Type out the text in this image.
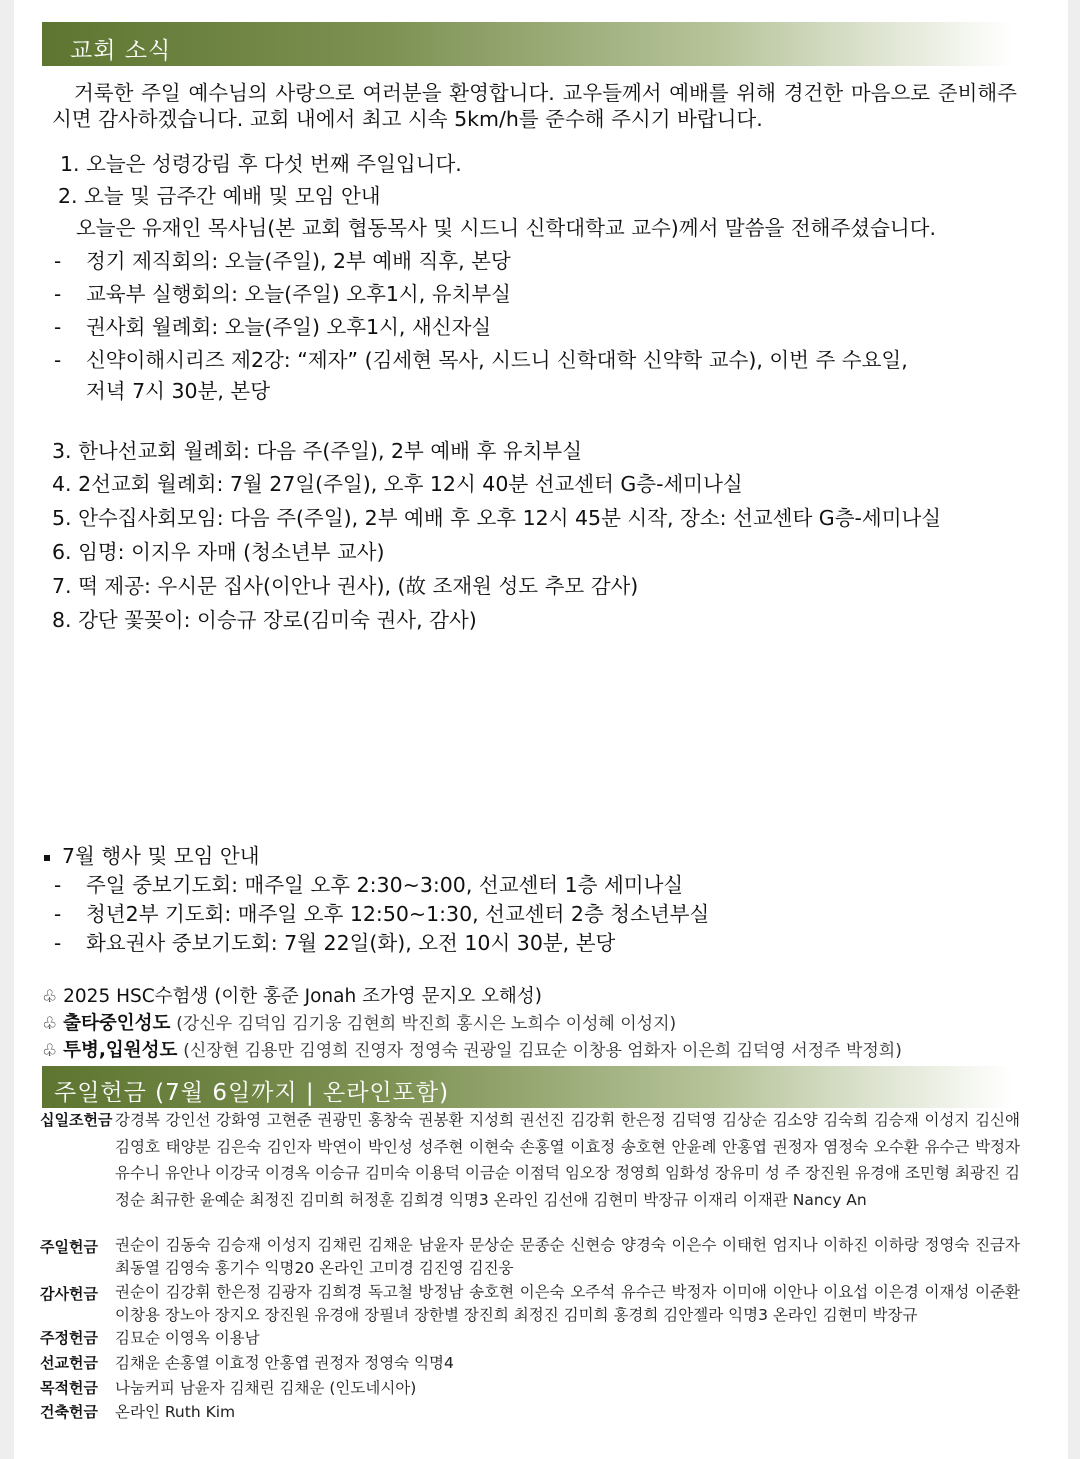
교회 소식
거룩한 주일 예수님의 사랑으로 여러분을 환영합니다. 교우들께서 예배를 위해 경건한 마음으로 준비해주시면 감사하겠습니다. 교회 내에서 최고 시속 5km/h를 준수해 주시기 바랍니다.
1. 오늘은 성령강림 후 다섯 번째 주일입니다.
2. 오늘 및 금주간 예배 및 모임 안내
오늘은 유재인 목사님(본 교회 협동목사 및 시드니 신학대학교 교수)께서 말씀을 전해주셨습니다.
- 정기 제직회의: 오늘(주일), 2부 예배 직후, 본당
- 교육부 실행회의: 오늘(주일) 오후1시, 유치부실
- 권사회 월례회: 오늘(주일) 오후1시, 새신자실
- 신약이해시리즈 제2강: “제자” (김세현 목사, 시드니 신학대학 신약학 교수), 이번 주 수요일,
저녁 7시 30분, 본당
3. 한나선교회 월례회: 다음 주(주일), 2부 예배 후 유치부실
4. 2선교회 월례회: 7월 27일(주일), 오후 12시 40분 선교센터 G층-세미나실
5. 안수집사회모임: 다음 주(주일), 2부 예배 후 오후 12시 45분 시작, 장소: 선교센타 G층-세미나실
6. 임명: 이지우 자매 (청소년부 교사)
7. 떡 제공: 우시문 집사(이안나 권사), (故 조재원 성도 추모 감사)
8. 강단 꽃꽂이: 이승규 장로(김미숙 권사, 감사)
7월 행사 및 모임 안내
- 주일 중보기도회: 매주일 오후 2:30~3:00, 선교센터 1층 세미나실
- 청년2부 기도회: 매주일 오후 12:50~1:30, 선교센터 2층 청소년부실
- 화요권사 중보기도회: 7월 22일(화), 오전 10시 30분, 본당
♧ 2025 HSC수험생 (이한 홍준 Jonah 조가영 문지오 오해성)
♧ 출타중인성도 (강신우 김덕임 김기웅 김현희 박진희 홍시은 노희수 이성혜 이성지)
♧ 투병,입원성도 (신장현 김용만 김영희 진영자 정영숙 권광일 김묘순 이창용 엄화자 이은희 김덕영 서정주 박정희)
주일헌금 (7월 6일까지 | 온라인포함)
십일조헌금 강경복 강인선 강화영 고현준 권광민 홍창숙 권봉환 지성희 권선진 김강휘 한은정 김덕영 김상순 김소양 김숙희 김승재 이성지 김신애 김영호 태양분 김은숙 김인자 박연이 박인성 성주현 이현숙 손홍열 이효정 송호현 안윤례 안홍엽 권정자 염정숙 오수환 유수근 박정자 유수니 유안나 이강국 이경옥 이승규 김미숙 이용덕 이금순 이점덕 임오장 정영희 임화성 장유미 성 주 장진원 유경애 조민형 최광진 김정순 최규한 윤예순 최정진 김미희 허정훈 김희경 익명3 온라인 김선애 김현미 박장규 이재리 이재관 Nancy An
주일헌금 권순이 김동숙 김승재 이성지 김채린 김채운 남윤자 문상순 문종순 신현승 양경숙 이은수 이태헌 엄지나 이하진 이하랑 정영숙 진금자 최동열 김영숙 홍기수 익명20 온라인 고미경 김진영 김진웅
감사헌금 권순이 김강휘 한은정 김광자 김희경 독고철 방정남 송호현 이은숙 오주석 유수근 박정자 이미애 이안나 이요섭 이은경 이재성 이준환 이창용 장노아 장지오 장진원 유경애 장필녀 장한별 장진희 최정진 김미희 홍경희 김안젤라 익명3 온라인 김현미 박장규
주정헌금 김묘순 이영옥 이용남
선교헌금 김채운 손홍열 이효정 안홍엽 권정자 정영숙 익명4
목적헌금 나눔커피 남윤자 김채린 김채운 (인도네시아)
건축헌금 온라인 Ruth Kim
